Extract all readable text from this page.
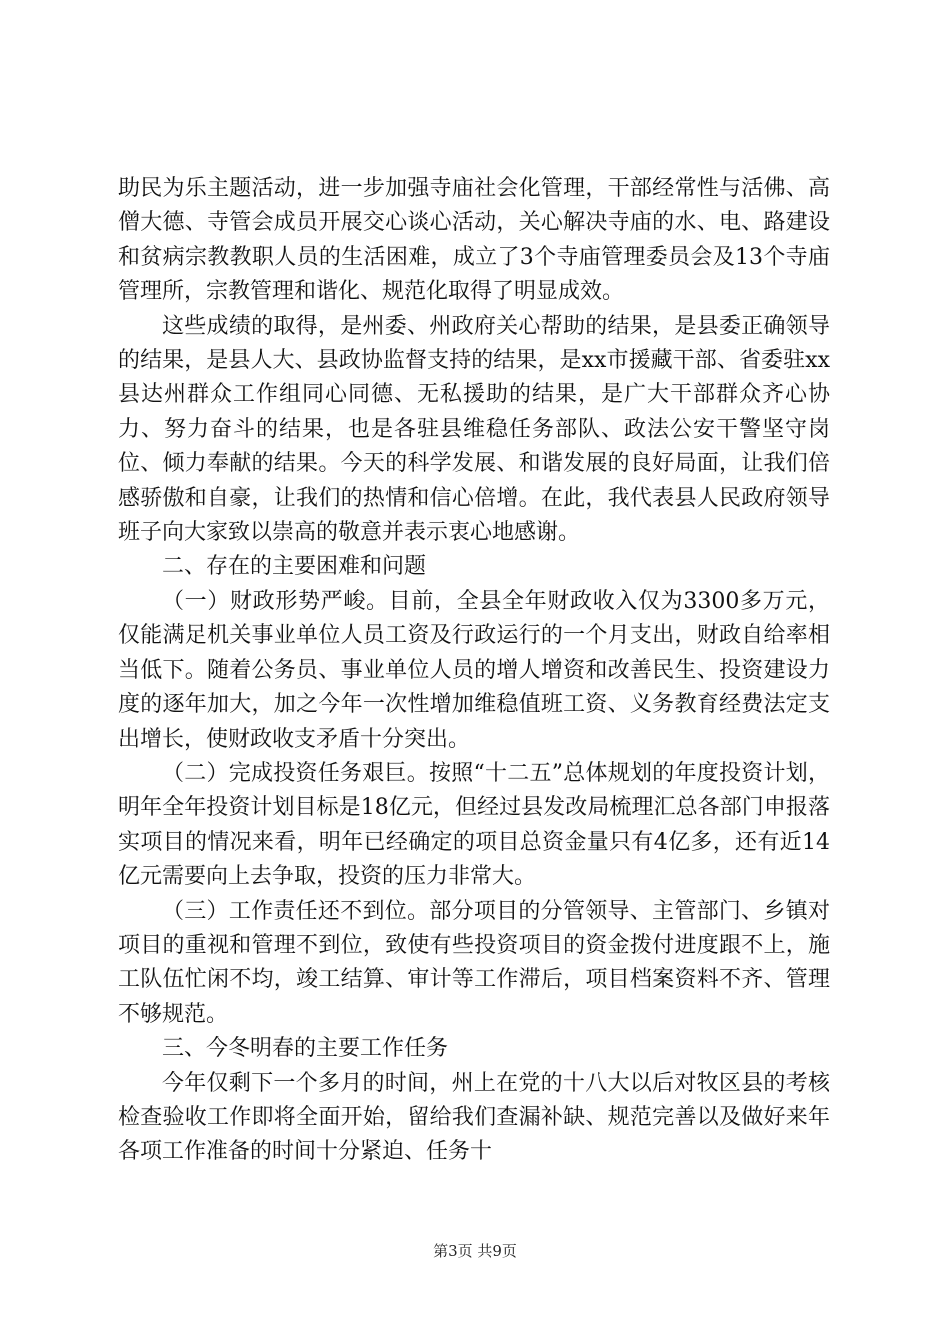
助民为乐主题活动，进一步加强寺庙社会化管理，干部经常性与活佛、高僧大德、寺管会成员开展交心谈心活动，关心解决寺庙的水、电、路建设和贫病宗教教职人员的生活困难，成立了3个寺庙管理委员会及13个寺庙管理所，宗教管理和谐化、规范化取得了明显成效。

这些成绩的取得，是州委、州政府关心帮助的结果，是县委正确领导的结果，是县人大、县政协监督支持的结果，是xx市援藏干部、省委驻xx县达州群众工作组同心同德、无私援助的结果，是广大干部群众齐心协力、努力奋斗的结果，也是各驻县维稳任务部队、政法公安干警坚守岗位、倾力奉献的结果。今天的科学发展、和谐发展的良好局面，让我们倍感骄傲和自豪，让我们的热情和信心倍增。在此，我代表县人民政府领导班子向大家致以崇高的敬意并表示衷心地感谢。

二、存在的主要困难和问题

（一）财政形势严峻。目前，全县全年财政收入仅为3300多万元，仅能满足机关事业单位人员工资及行政运行的一个月支出，财政自给率相当低下。随着公务员、事业单位人员的增人增资和改善民生、投资建设力度的逐年加大，加之今年一次性增加维稳值班工资、义务教育经费法定支出增长，使财政收支矛盾十分突出。

（二）完成投资任务艰巨。按照“十二五”总体规划的年度投资计划，明年全年投资计划目标是18亿元，但经过县发改局梳理汇总各部门申报落实项目的情况来看，明年已经确定的项目总资金量只有4亿多，还有近14亿元需要向上去争取，投资的压力非常大。

（三）工作责任还不到位。部分项目的分管领导、主管部门、乡镇对项目的重视和管理不到位，致使有些投资项目的资金拨付进度跟不上，施工队伍忙闲不均，竣工结算、审计等工作滞后，项目档案资料不齐、管理不够规范。

三、今冬明春的主要工作任务

今年仅剩下一个多月的时间，州上在党的十八大以后对牧区县的考核检查验收工作即将全面开始，留给我们查漏补缺、规范完善以及做好来年各项工作准备的时间十分紧迫、任务十

第3页 共9页
